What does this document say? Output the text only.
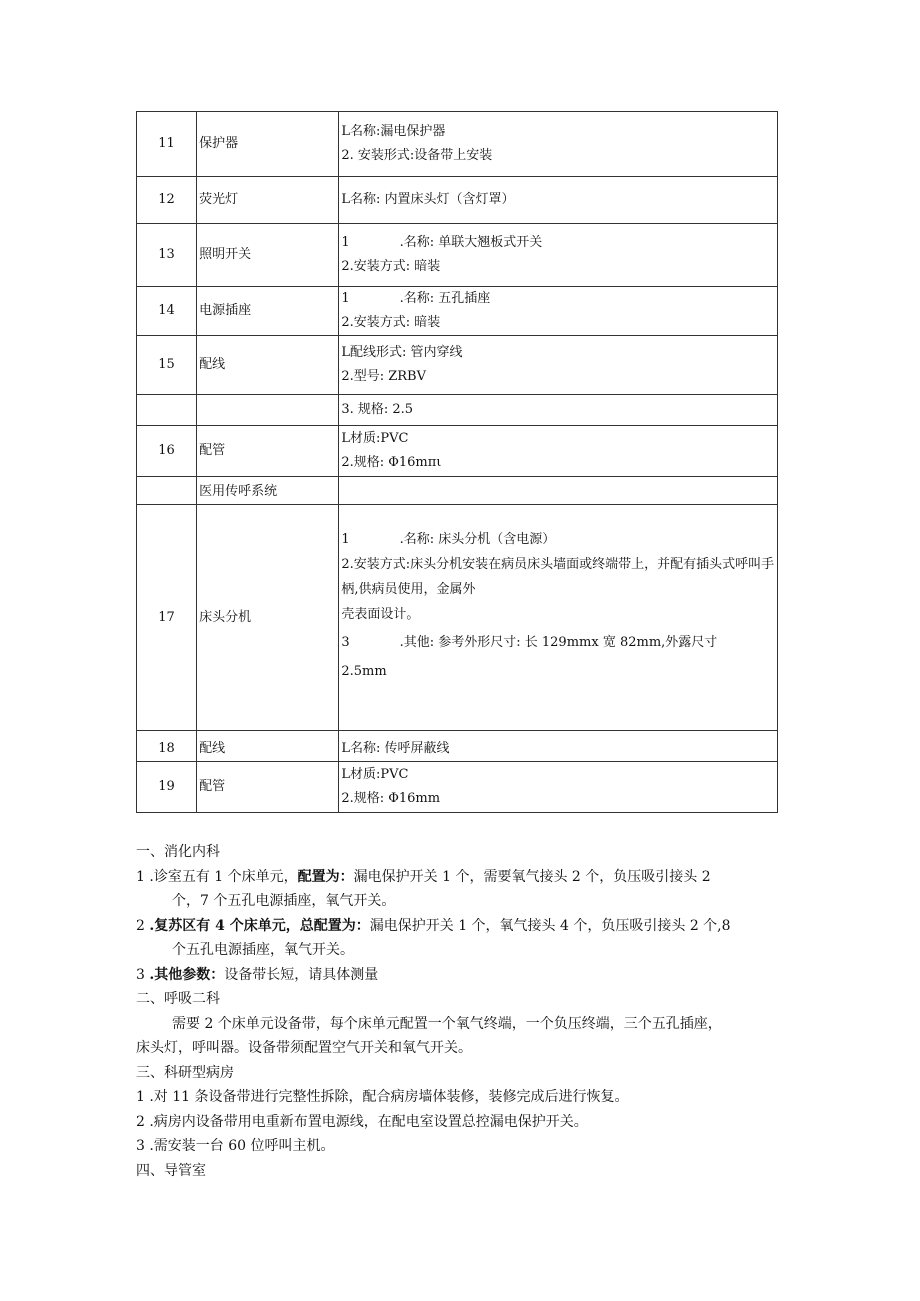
11	保护器	L名称:漏电保护器
2. 安装形式:设备带上安装

12	荧光灯	L名称: 内置床头灯（含灯罩）

13	照明开关	1 .名称: 单联大翘板式开关
2.安装方式: 暗装

14	电源插座	1 .名称: 五孔插座
2.安装方式: 暗装

15	配线	L配线形式: 管内穿线
2.型号: ZRBV

		3. 规格: 2.5

16	配管	L材质:PVC
2.规格: Φ16mπι

	医用传呼系统	
17	床头分机	1 .名称: 床头分机（含电源）
2.安装方式:床头分机安装在病员床头墙面或终端带上，并配有插头式呼叫手柄,供病员使用，金属外
壳表面设计。
3 .其他: 参考外形尺寸: 长 129mmx 宽 82mm,外露尺寸
2.5mm

18	配线	L名称: 传呼屏蔽线

19	配管	L材质:PVC
2.规格: Φ16mm
一、消化内科
1 .诊室五有 1 个床单元，配置为：漏电保护开关 1 个，需要氧气接头 2 个，负压吸引接头 2
个，7 个五孔电源插座，氧气开关。
2 .复苏区有 4 个床单元，总配置为：漏电保护开关 1 个，氧气接头 4 个，负压吸引接头 2 个,8
个五孔电源插座，氧气开关。
3 .其他参数：设备带长短，请具体测量
二、呼吸二科
需要 2 个床单元设备带，每个床单元配置一个氧气终端，一个负压终端，三个五孔插座，
床头灯，呼叫器。设备带须配置空气开关和氧气开关。
三、科研型病房
1 .对 11 条设备带进行完整性拆除，配合病房墙体装修，装修完成后进行恢复。
2 .病房内设备带用电重新布置电源线，在配电室设置总控漏电保护开关。
3 .需安装一台 60 位呼叫主机。
四、导管室
